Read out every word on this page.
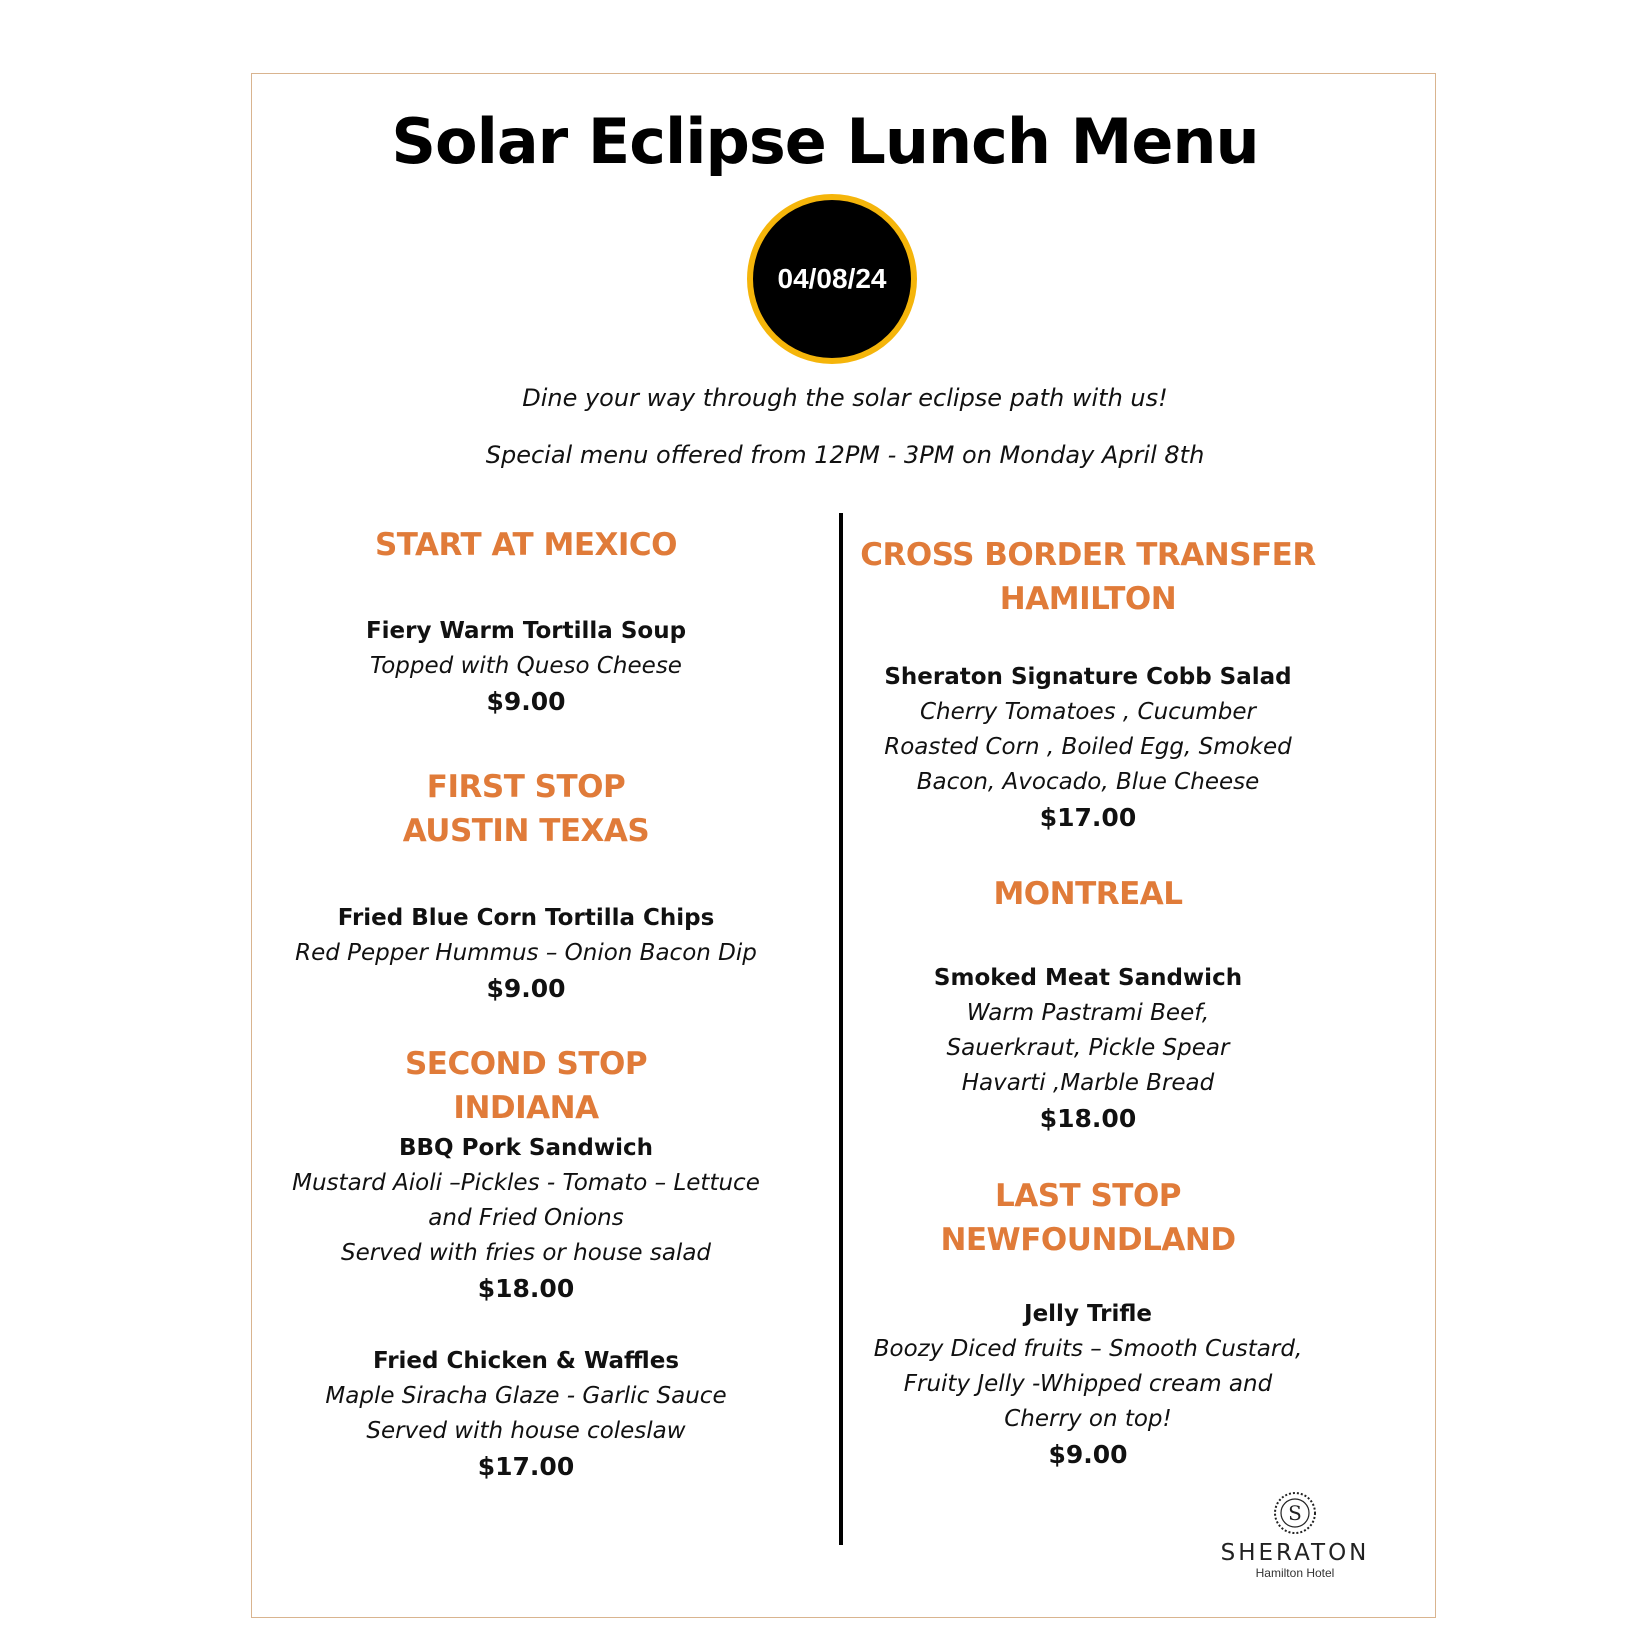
Solar Eclipse Lunch Menu
04/08/24
Dine your way through the solar eclipse path with us!
Special menu offered from 12PM - 3PM on Monday April 8th
START AT MEXICO
Fiery Warm Tortilla Soup
Topped with Queso Cheese
$9.00
FIRST STOP
AUSTIN TEXAS
Fried Blue Corn Tortilla Chips
Red Pepper Hummus – Onion Bacon Dip
$9.00
SECOND STOP
INDIANA
BBQ Pork Sandwich
Mustard Aioli –Pickles - Tomato – Lettuce
and Fried Onions
Served with fries or house salad
$18.00
Fried Chicken & Waffles
Maple Siracha Glaze - Garlic Sauce
Served with house coleslaw
$17.00
CROSS BORDER TRANSFER
HAMILTON
Sheraton Signature Cobb Salad
Cherry Tomatoes , Cucumber
Roasted Corn , Boiled Egg, Smoked
Bacon, Avocado, Blue Cheese
$17.00
MONTREAL
Smoked Meat Sandwich
Warm Pastrami Beef,
Sauerkraut, Pickle Spear
Havarti ,Marble Bread
$18.00
LAST STOP
NEWFOUNDLAND
Jelly Trifle
Boozy Diced fruits – Smooth Custard,
Fruity Jelly -Whipped cream and
Cherry on top!
$9.00
S
SHERATON
Hamilton Hotel
